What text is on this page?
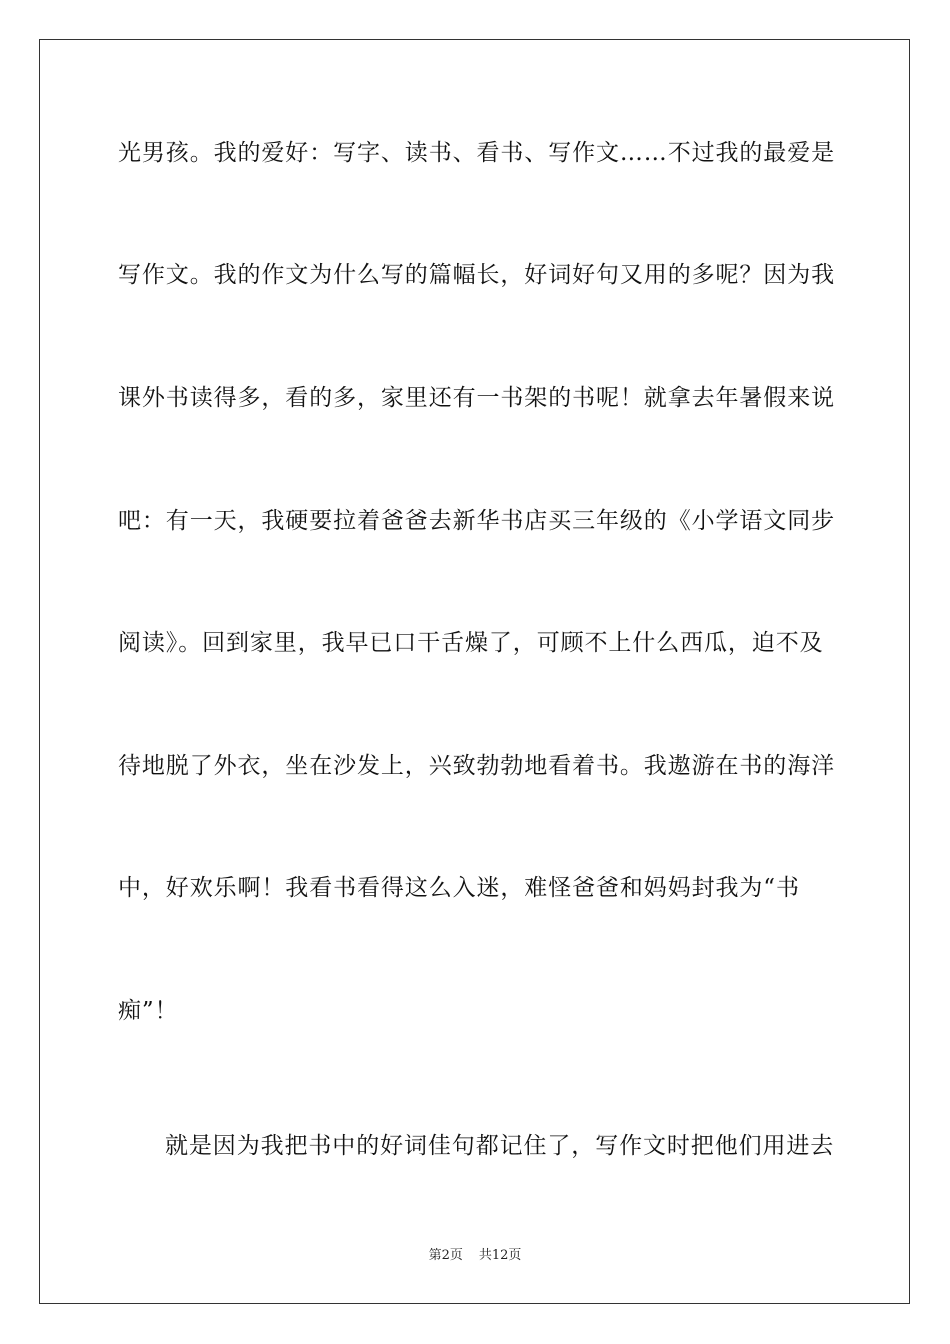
光男孩。我的爱好：写字、读书、看书、写作文……不过我的最爱是
写作文。我的作文为什么写的篇幅长，好词好句又用的多呢？因为我
课外书读得多，看的多，家里还有一书架的书呢！就拿去年暑假来说
吧：有一天，我硬要拉着爸爸去新华书店买三年级的《小学语文同步
阅读》。回到家里，我早已口干舌燥了，可顾不上什么西瓜，迫不及
待地脱了外衣，坐在沙发上，兴致勃勃地看着书。我遨游在书的海洋
中，好欢乐啊！我看书看得这么入迷，难怪爸爸和妈妈封我为“书
痴”！
就是因为我把书中的好词佳句都记住了，写作文时把他们用进去
第2页 共12页
